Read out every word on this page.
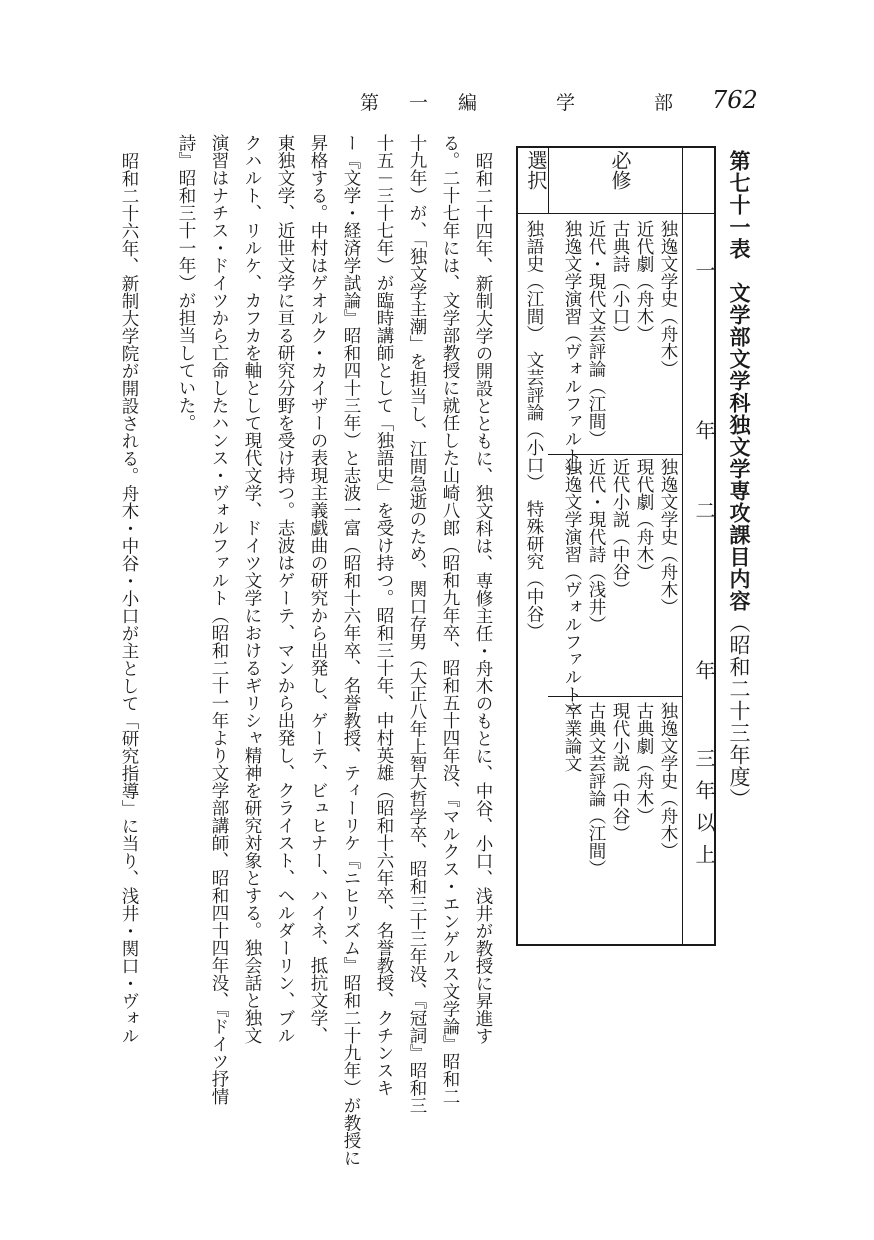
第一編　学　部 762
第七十一表　文学部文学科独文学専攻課目内容（昭和二十三年度）
必修
選択
一　年
二　年
三年以上
独逸文学史（舟木）
近代劇（舟木）
古典詩（小口）
近代・現代文芸評論（江間）
独逸文学演習（ヴォルファルト）
独語史（江間）　文芸評論（小口）　特殊研究（中谷）	独逸文学史（舟木）
現代劇（舟木）
近代小説（中谷）
近代・現代詩（浅井）
独逸文学演習（ヴォルファルト）
独逸文学史（舟木）
古典劇（舟木）
現代小説（中谷）
古典文芸評論（江間）
卒業論文
昭和二十四年、新制大学の開設とともに、独文科は、専修主任・舟木のもとに、中谷、小口、浅井が教授に昇進す
る。二十七年には、文学部教授に就任した山崎八郎（昭和九年卒、昭和五十四年没、『マルクス・エンゲルス文学論』昭和二
十九年）が、「独文学主潮」を担当し、江間急逝のため、関口存男（大正八年上智大哲学卒、昭和三十三年没、『冠詞』昭和三
十五－三十七年）が臨時講師として「独語史」を受け持つ。昭和三十年、中村英雄（昭和十六年卒、名誉教授、クチンスキ
ー『文学・経済学試論』昭和四十三年）と志波一富（昭和十六年卒、名誉教授、ティーリケ『ニヒリズム』昭和二十九年）が教授に
昇格する。中村はゲオルク・カイザーの表現主義戯曲の研究から出発し、ゲーテ、ビュヒナー、ハイネ、抵抗文学、
東独文学、近世文学に亘る研究分野を受け持つ。志波はゲーテ、マンから出発し、クライスト、ヘルダーリン、ブル
クハルト、リルケ、カフカを軸として現代文学、ドイツ文学におけるギリシャ精神を研究対象とする。独会話と独文
演習はナチス・ドイツから亡命したハンス・ヴォルファルト（昭和二十一年より文学部講師、昭和四十四年没、『ドイツ抒情
詩』昭和三十一年）が担当していた。
昭和二十六年、新制大学院が開設される。舟木・中谷・小口が主として「研究指導」に当り、浅井・関口・ヴォル
